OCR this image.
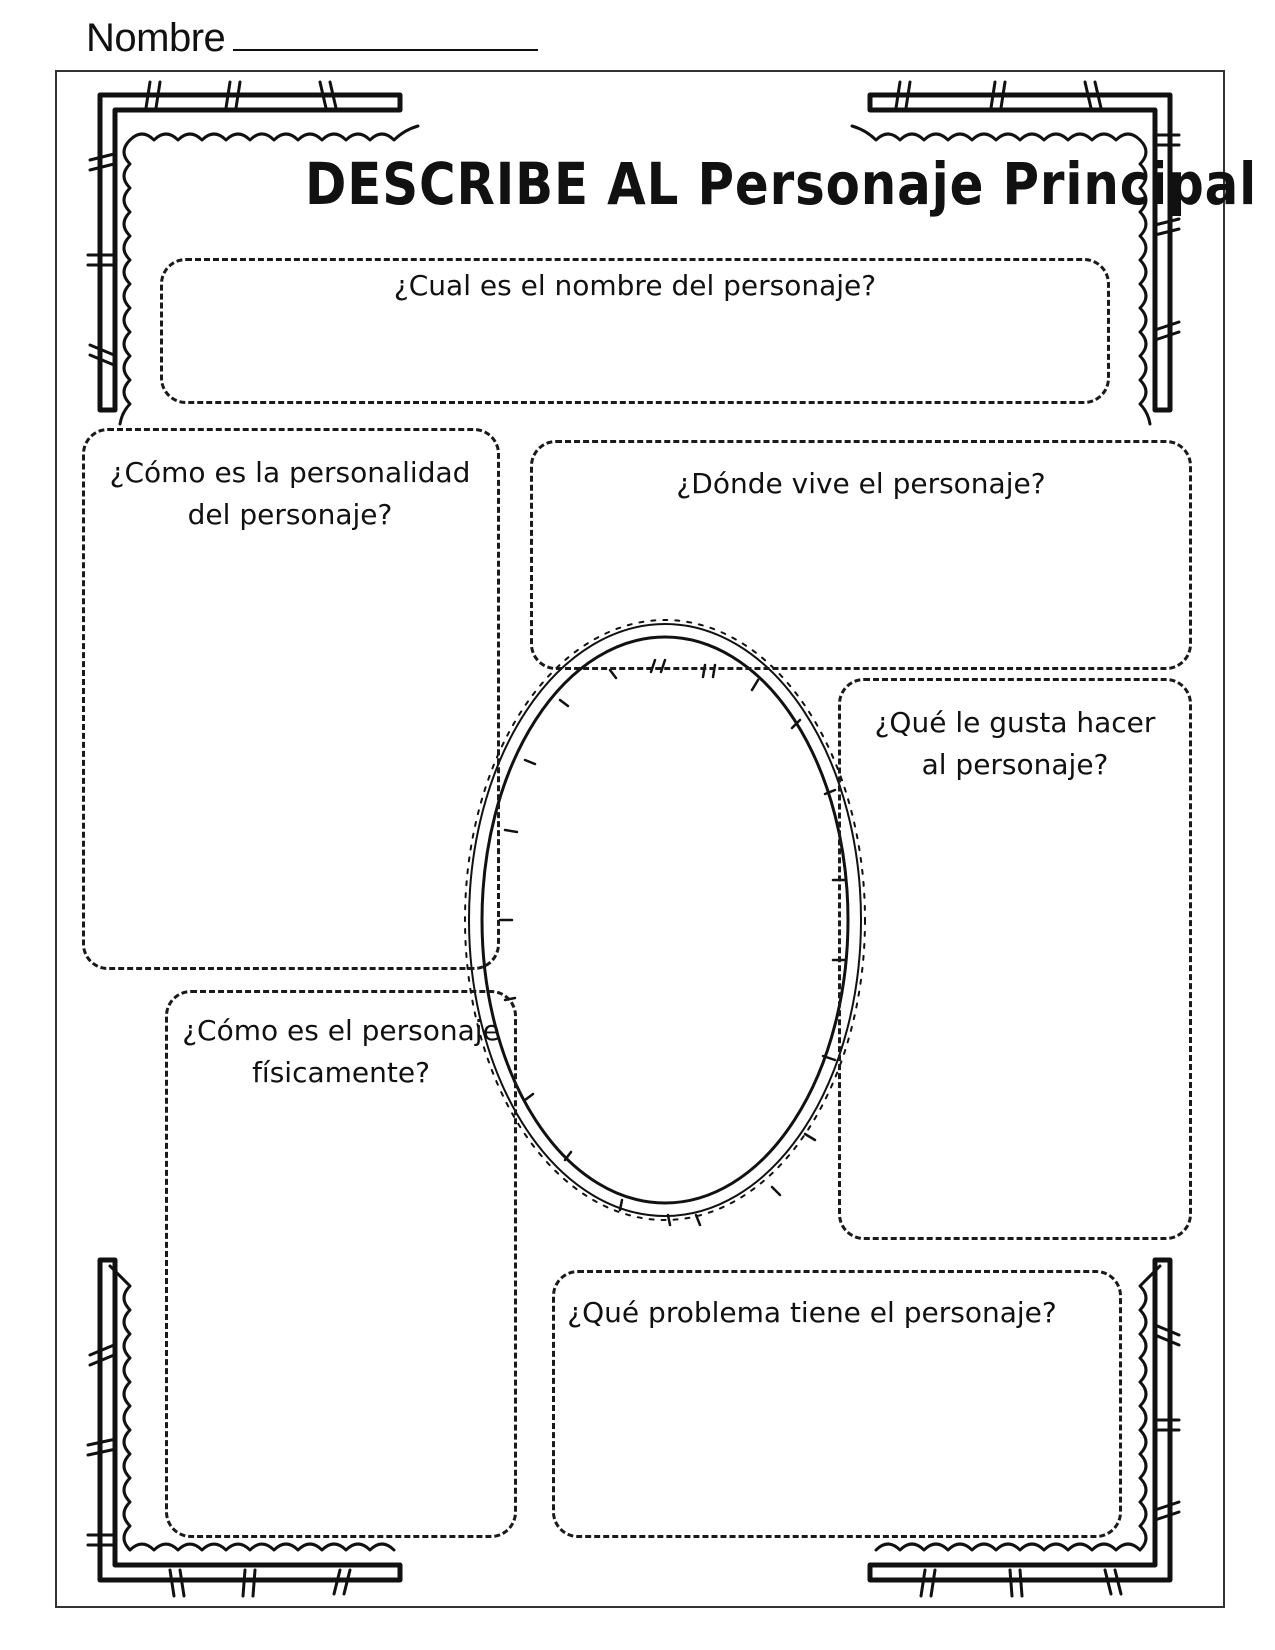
Nombre
DESCRIBE AL Personaje Principal
¿Cual es el nombre del personaje?
¿Cómo es la personalidad
del personaje?
¿Dónde vive el personaje?
¿Qué le gusta hacer
al personaje?
¿Cómo es el personaje
físicamente?
¿Qué problema tiene el personaje?
